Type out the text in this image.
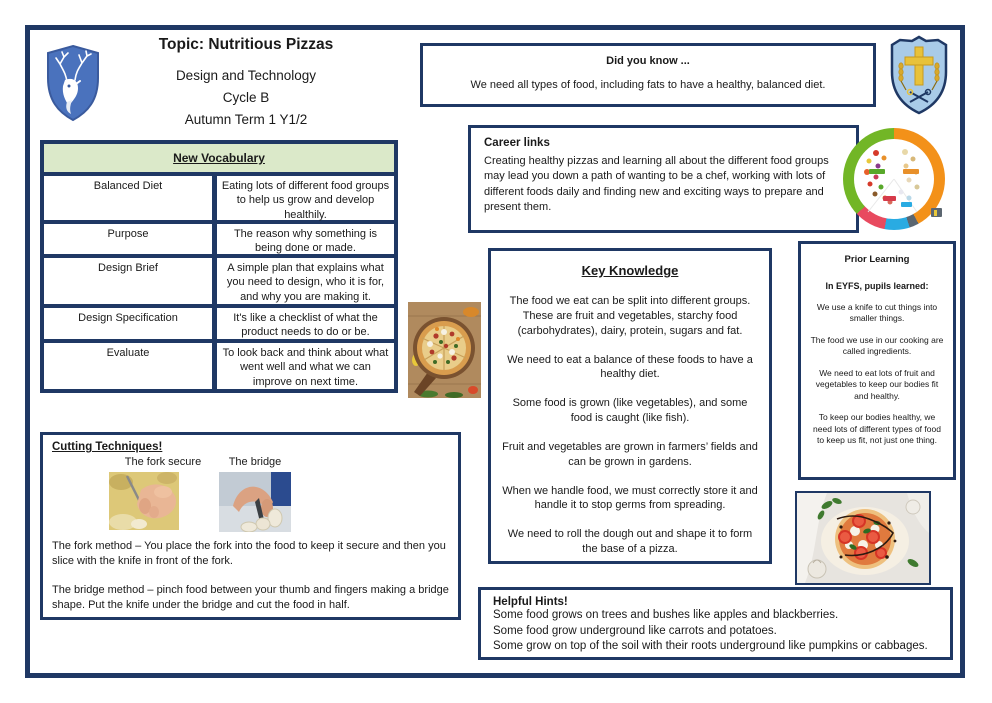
Topic: Nutritious Pizzas
Design and Technology
Cycle B
Autumn Term 1 Y1/2
New Vocabulary
Balanced Diet	Eating lots of different food groups to help us grow and develop healthily.
Purpose	The reason why something is being done or made.
Design Brief	A simple plan that explains what you need to design, who it is for, and why you are making it.
Design Specification	It's like a checklist of what the product needs to do or be.
Evaluate	To look back and think about what went well and what we can improve on next time.
Did you know ...
We need all types of food, including fats to have a healthy, balanced diet.
Career links
Creating healthy pizzas and learning all about the different food groups may lead you down a path of wanting to be a chef, working with lots of different foods daily and finding new and exciting ways to prepare and present them.
Key Knowledge

The food we eat can be split into different groups. These are fruit and vegetables, starchy food (carbohydrates), dairy, protein, sugars and fat.

We need to eat a balance of these foods to have a healthy diet.

Some food is grown (like vegetables), and some food is caught (like fish).

Fruit and vegetables are grown in farmers’ fields and can be grown in gardens.

When we handle food, we must correctly store it and handle it to stop germs from spreading.

We need to roll the dough out and shape it to form the base of a pizza.

Prior Learning
In EYFS, pupils learned:

We use a knife to cut things into smaller things.

The food we use in our cooking are called ingredients.

We need to eat lots of fruit and vegetables to keep our bodies fit and healthy.

To keep our bodies healthy, we need lots of different types of food to keep us fit, not just one thing.

Cutting Techniques!
The fork secure	The bridge

The fork method – You place the fork into the food to keep it secure and then you slice with the knife in front of the fork.

The bridge method – pinch food between your thumb and fingers making a bridge shape. Put the knife under the bridge and cut the food in half.	Helpful Hints!
Some food grows on trees and bushes like apples and blackberries.
Some food grow underground like carrots and potatoes.
Some grow on top of the soil with their roots underground like pumpkins or cabbages.
